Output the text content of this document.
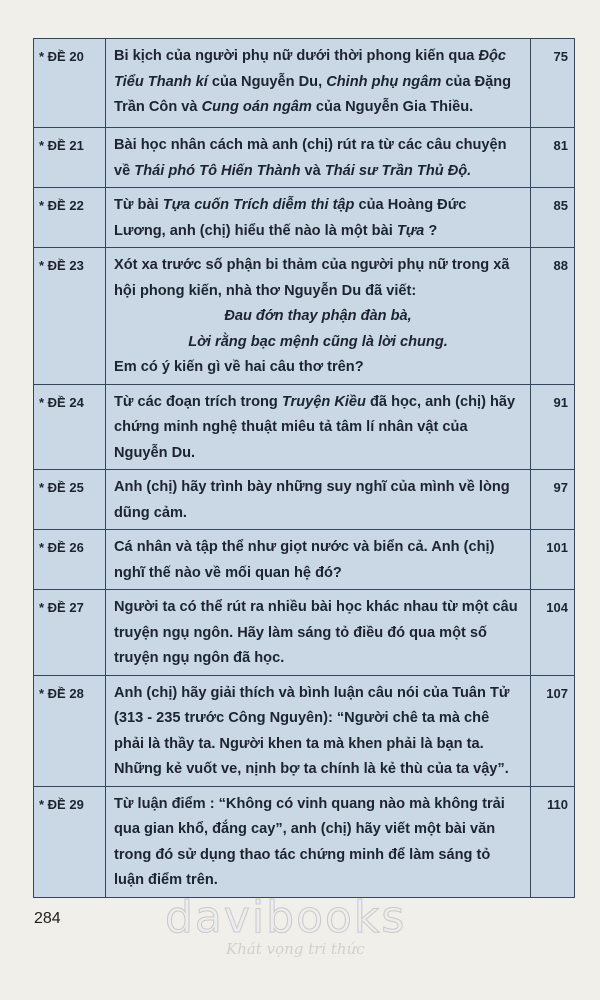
* ĐỀ 20	Bi kịch của người phụ nữ dưới thời phong kiến qua Độc Tiểu Thanh kí của Nguyễn Du, Chinh phụ ngâm của Đặng Trần Côn và Cung oán ngâm của Nguyễn Gia Thiều.	75
* ĐỀ 21	Bài học nhân cách mà anh (chị) rút ra từ các câu chuyện về Thái phó Tô Hiến Thành và Thái sư Trần Thủ Độ.	81
* ĐỀ 22	Từ bài Tựa cuốn Trích diễm thi tập của Hoàng Đức Lương, anh (chị) hiểu thế nào là một bài Tựa ?	85
* ĐỀ 23	Xót xa trước số phận bi thảm của người phụ nữ trong xã hội phong kiến, nhà thơ Nguyễn Du đã viết:
Đau đớn thay phận đàn bà,
Lời rằng bạc mệnh cũng là lời chung.
Em có ý kiến gì về hai câu thơ trên?	88
* ĐỀ 24	Từ các đoạn trích trong Truyện Kiều đã học, anh (chị) hãy chứng minh nghệ thuật miêu tả tâm lí nhân vật của Nguyễn Du.	91
* ĐỀ 25	Anh (chị) hãy trình bày những suy nghĩ của mình về lòng dũng cảm.	97
* ĐỀ 26	Cá nhân và tập thể như giọt nước và biển cả. Anh (chị) nghĩ thế nào về mối quan hệ đó?	101
* ĐỀ 27	Người ta có thể rút ra nhiều bài học khác nhau từ một câu truyện ngụ ngôn. Hãy làm sáng tỏ điều đó qua một số truyện ngụ ngôn đã học.	104
* ĐỀ 28	Anh (chị) hãy giải thích và bình luận câu nói của Tuân Tử (313 - 235 trước Công Nguyên): “Người chê ta mà chê phải là thầy ta. Người khen ta mà khen phải là bạn ta. Những kẻ vuốt ve, nịnh bợ ta chính là kẻ thù của ta vậy”.	107
* ĐỀ 29	Từ luận điểm : “Không có vinh quang nào mà không trải qua gian khổ, đắng cay”, anh (chị) hãy viết một bài văn trong đó sử dụng thao tác chứng minh để làm sáng tỏ luận điểm trên.	110
284 davibooks
Khát vọng tri thức
